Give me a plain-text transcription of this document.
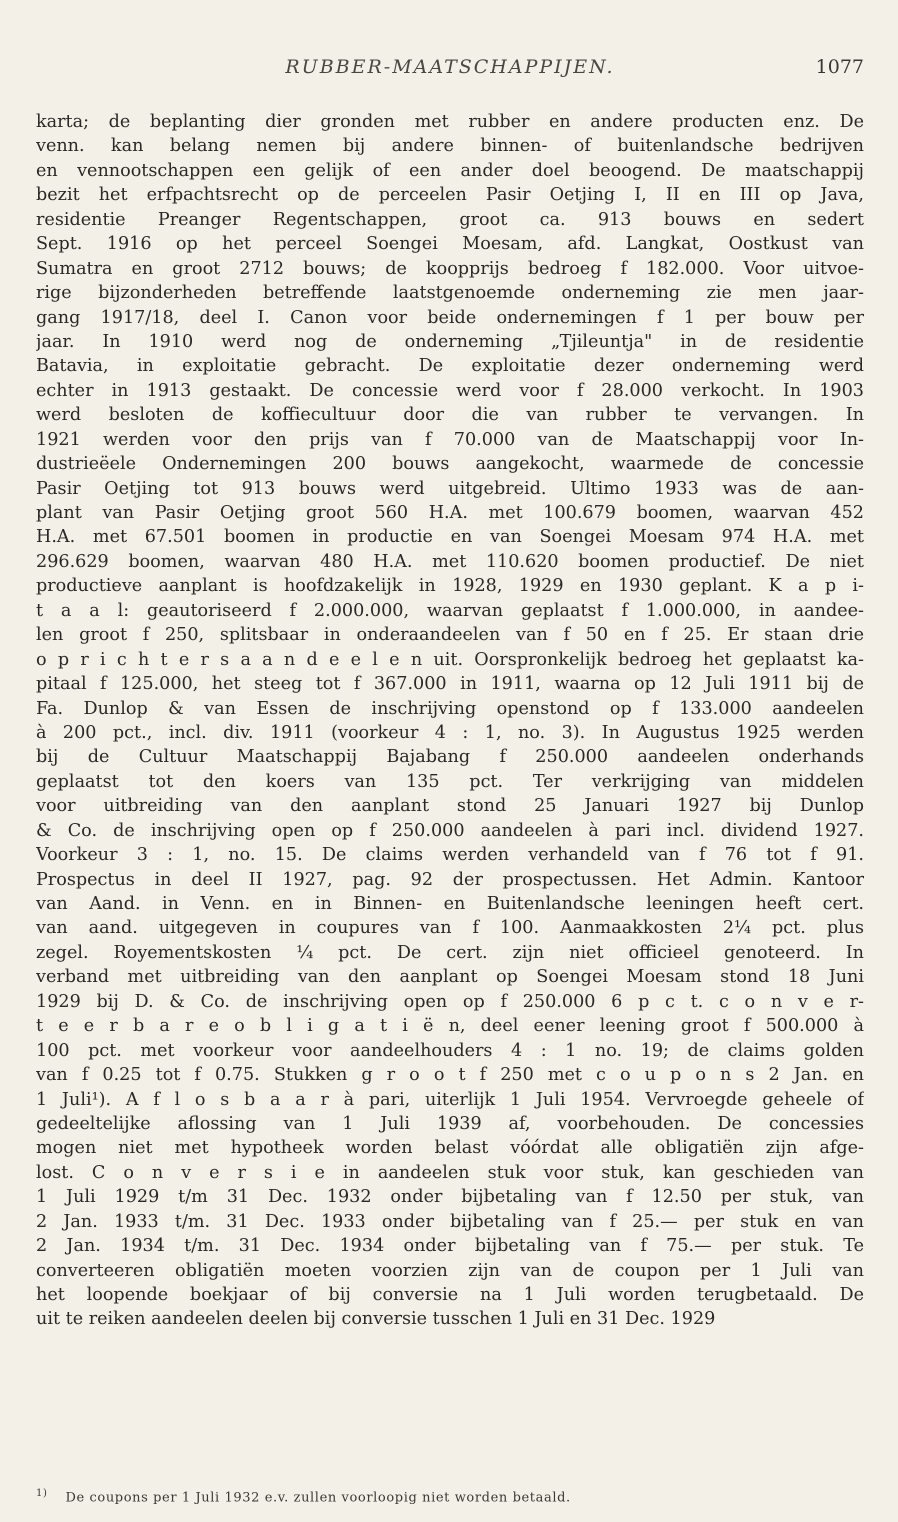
RUBBER-MAATSCHAPPIJEN.	1077
karta; de beplanting dier gronden met rubber en andere producten enz. De
venn. kan belang nemen bij andere binnen- of buitenlandsche bedrijven
en vennootschappen een gelijk of een ander doel beoogend. De maatschappij
bezit het erfpachtsrecht op de perceelen Pasir Oetjing I, II en III op Java,
residentie Preanger Regentschappen, groot ca. 913 bouws en sedert
Sept. 1916 op het perceel Soengei Moesam, afd. Langkat, Oostkust van
Sumatra en groot 2712 bouws; de koopprijs bedroeg f 182.000. Voor uitvoe-
rige bijzonderheden betreffende laatstgenoemde onderneming zie men jaar-
gang 1917/18, deel I. Canon voor beide ondernemingen f 1 per bouw per
jaar. In 1910 werd nog de onderneming „Tjileuntja" in de residentie
Batavia, in exploitatie gebracht. De exploitatie dezer onderneming werd
echter in 1913 gestaakt. De concessie werd voor f 28.000 verkocht. In 1903
werd besloten de koffiecultuur door die van rubber te vervangen. In
1921 werden voor den prijs van f 70.000 van de Maatschappij voor In-
dustrieëele Ondernemingen 200 bouws aangekocht, waarmede de concessie
Pasir Oetjing tot 913 bouws werd uitgebreid. Ultimo 1933 was de aan-
plant van Pasir Oetjing groot 560 H.A. met 100.679 boomen, waarvan 452
H.A. met 67.501 boomen in productie en van Soengei Moesam 974 H.A. met
296.629 boomen, waarvan 480 H.A. met 110.620 boomen productief. De niet
productieve aanplant is hoofdzakelijk in 1928, 1929 en 1930 geplant. K a p i-
t a a l: geautoriseerd f 2.000.000, waarvan geplaatst f 1.000.000, in aandee-
len groot f 250, splitsbaar in onderaandeelen van f 50 en f 25. Er staan drie
o p r i c h t e r s a a n d e e l e n uit. Oorspronkelijk bedroeg het geplaatst ka-
pitaal f 125.000, het steeg tot f 367.000 in 1911, waarna op 12 Juli 1911 bij de
Fa. Dunlop & van Essen de inschrijving openstond op f 133.000 aandeelen
à 200 pct., incl. div. 1911 (voorkeur 4 : 1, no. 3). In Augustus 1925 werden
bij de Cultuur Maatschappij Bajabang f 250.000 aandeelen onderhands
geplaatst tot den koers van 135 pct. Ter verkrijging van middelen
voor uitbreiding van den aanplant stond 25 Januari 1927 bij Dunlop
& Co. de inschrijving open op f 250.000 aandeelen à pari incl. dividend 1927.
Voorkeur 3 : 1, no. 15. De claims werden verhandeld van f 76 tot f 91.
Prospectus in deel II 1927, pag. 92 der prospectussen. Het Admin. Kantoor
van Aand. in Venn. en in Binnen- en Buitenlandsche leeningen heeft cert.
van aand. uitgegeven in coupures van f 100. Aanmaakkosten 2¼ pct. plus
zegel. Royementskosten ¼ pct. De cert. zijn niet officieel genoteerd. In
verband met uitbreiding van den aanplant op Soengei Moesam stond 18 Juni
1929 bij D. & Co. de inschrijving open op f 250.000 6 p c t. c o n v e r-
t e e r b a r e o b l i g a t i ë n, deel eener leening groot f 500.000 à
100 pct. met voorkeur voor aandeelhouders 4 : 1 no. 19; de claims golden
van f 0.25 tot f 0.75. Stukken g r o o t f 250 met c o u p o n s 2 Jan. en
1 Juli¹). A f l o s b a a r à pari, uiterlijk 1 Juli 1954. Vervroegde geheele of
gedeeltelijke aflossing van 1 Juli 1939 af, voorbehouden. De concessies
mogen niet met hypotheek worden belast vóórdat alle obligatiën zijn afge-
lost. C o n v e r s i e in aandeelen stuk voor stuk, kan geschieden van
1 Juli 1929 t/m 31 Dec. 1932 onder bijbetaling van f 12.50 per stuk, van
2 Jan. 1933 t/m. 31 Dec. 1933 onder bijbetaling van f 25.— per stuk en van
2 Jan. 1934 t/m. 31 Dec. 1934 onder bijbetaling van f 75.— per stuk. Te
converteeren obligatiën moeten voorzien zijn van de coupon per 1 Juli van
het loopende boekjaar of bij conversie na 1 Juli worden terugbetaald. De
uit te reiken aandeelen deelen bij conversie tusschen 1 Juli en 31 Dec. 1929
$^{1)}$ De coupons per 1 Juli 1932 e.v. zullen voorloopig niet worden betaald.
